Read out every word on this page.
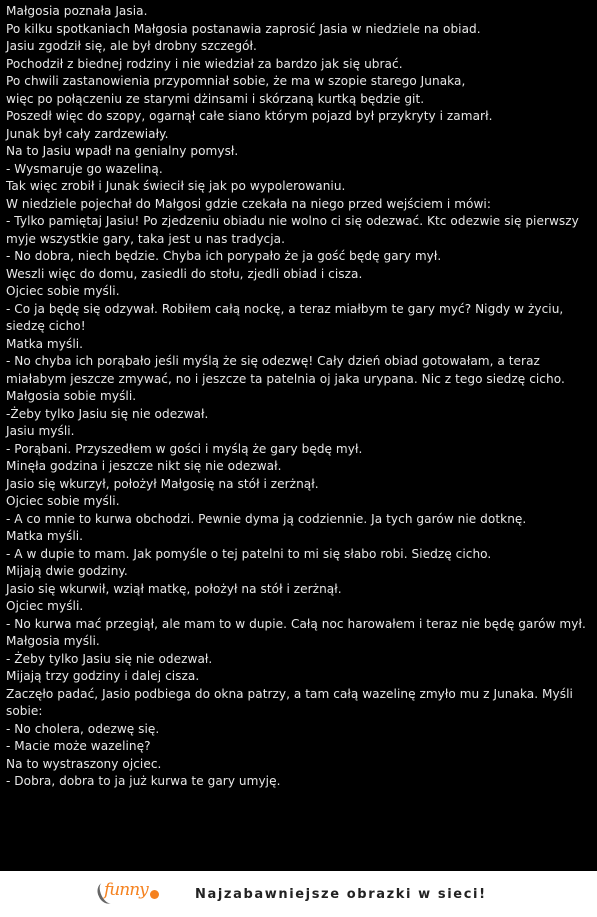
Małgosia poznała Jasia.

Po kilku spotkaniach Małgosia postanawia zaprosić Jasia w niedziele na obiad.

Jasiu zgodził się, ale był drobny szczegół.

Pochodził z biednej rodziny i nie wiedział za bardzo jak się ubrać.

Po chwili zastanowienia przypomniał sobie, że ma w szopie starego Junaka,

więc po połączeniu ze starymi dżinsami i skórzaną kurtką będzie git.

Poszedł więc do szopy, ogarnął całe siano którym pojazd był przykryty i zamarł.

Junak był cały zardzewiały.

Na to Jasiu wpadł na genialny pomysł.

- Wysmaruje go wazeliną.

Tak więc zrobił i Junak świecił się jak po wypolerowaniu.

W niedziele pojechał do Małgosi gdzie czekała na niego przed wejściem i mówi:

- Tylko pamiętaj Jasiu! Po zjedzeniu obiadu nie wolno ci się odezwać. Ktc odezwie się pierwszy myje wszystkie gary, taka jest u nas tradycja.

- No dobra, niech będzie. Chyba ich porypało że ja gość będę gary mył.

Weszli więc do domu, zasiedli do stołu, zjedli obiad i cisza.

Ojciec sobie myśli.

- Co ja będę się odzywał. Robiłem całą nockę, a teraz miałbym te gary myć? Nigdy w życiu, siedzę cicho!

Matka myśli.

- No chyba ich porąbało jeśli myślą że się odezwę! Cały dzień obiad gotowałam, a teraz miałabym jeszcze zmywać, no i jeszcze ta patelnia oj jaka urypana. Nic z tego siedzę cicho.

Małgosia sobie myśli.

-Żeby tylko Jasiu się nie odezwał.

Jasiu myśli.

- Porąbani. Przyszedłem w gości i myślą że gary będę mył.

Minęła godzina i jeszcze nikt się nie odezwał.

Jasio się wkurzył, położył Małgosię na stół i zerżnął.

Ojciec sobie myśli.

- A co mnie to kurwa obchodzi. Pewnie dyma ją codziennie. Ja tych garów nie dotknę.

Matka myśli.

- A w dupie to mam. Jak pomyśle o tej patelni to mi się słabo robi. Siedzę cicho.

Mijają dwie godziny.

Jasio się wkurwił, wziął matkę, położył na stół i zerżnął.

Ojciec myśli.

- No kurwa mać przegiął, ale mam to w dupie. Całą noc harowałem i teraz nie będę garów mył.

Małgosia myśli.

- Żeby tylko Jasiu się nie odezwał.

Mijają trzy godziny i dalej cisza.

Zaczęło padać, Jasio podbiega do okna patrzy, a tam całą wazelinę zmyło mu z Junaka. Myśli sobie:

- No cholera, odezwę się.

- Macie może wazelinę?

Na to wystraszony ojciec.

- Dobra, dobra to ja już kurwa te gary umyję.

funny	Najzabawniejsze obrazki w sieci!
